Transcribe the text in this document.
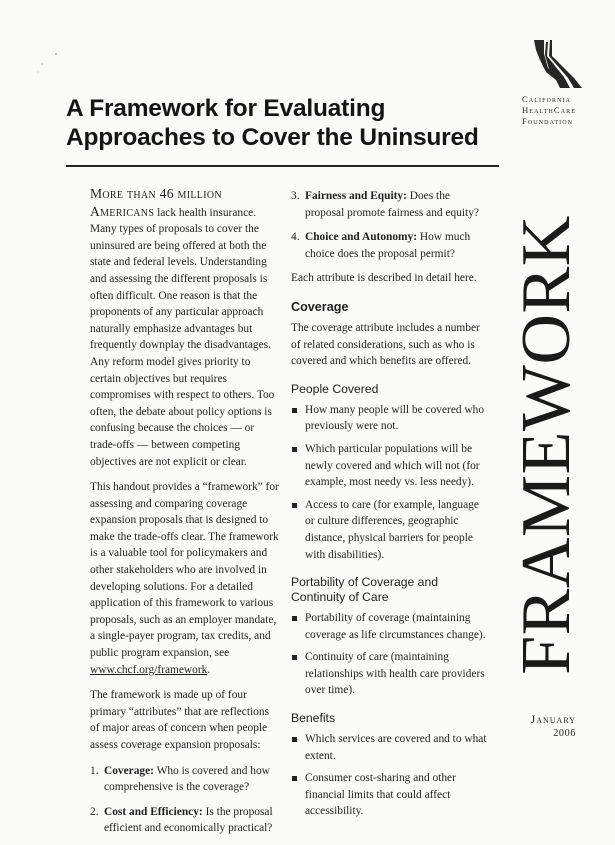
California
HealthCare
Foundation
A Framework for Evaluating
Approaches to Cover the Uninsured

More than 46 million Americans lack health insurance. Many types of proposals to cover the uninsured are being offered at both the state and federal levels. Understanding and assessing the different proposals is often difficult. One reason is that the proponents of any particular approach naturally emphasize advantages but frequently downplay the disadvantages. Any reform model gives priority to certain objectives but requires compromises with respect to others. Too often, the debate about policy options is confusing because the choices — or trade-offs — between competing objectives are not explicit or clear.

This handout provides a “framework” for assessing and comparing coverage expansion proposals that is designed to make the trade-offs clear. The framework is a valuable tool for policymakers and other stakeholders who are involved in developing solutions. For a detailed application of this framework to various proposals, such as an employer mandate, a single-payer program, tax credits, and public program expansion, see www.chcf.org/framework.

The framework is made up of four primary “attributes” that are reflections of major areas of concern when people assess coverage expansion proposals:

1. Coverage: Who is covered and how comprehensive is the coverage?
2. Cost and Efficiency: Is the proposal efficient and economically practical?
3. Fairness and Equity: Does the proposal promote fairness and equity?
4. Choice and Autonomy: How much choice does the proposal permit?

Each attribute is described in detail here.

Coverage

The coverage attribute includes a number of related considerations, such as who is covered and which benefits are offered.

People Covered
How many people will be covered who previously were not.
Which particular populations will be newly covered and which will not (for example, most needy vs. less needy).
Access to care (for example, language or culture differences, geographic distance, physical barriers for people with disabilities).
Portability of Coverage and Continuity of Care
Portability of coverage (maintaining coverage as life circumstances change).
Continuity of care (maintaining relationships with health care providers over time).
Benefits
Which services are covered and to what extent.
Consumer cost-sharing and other financial limits that could affect accessibility.
FRAMEWORK
January
2006
